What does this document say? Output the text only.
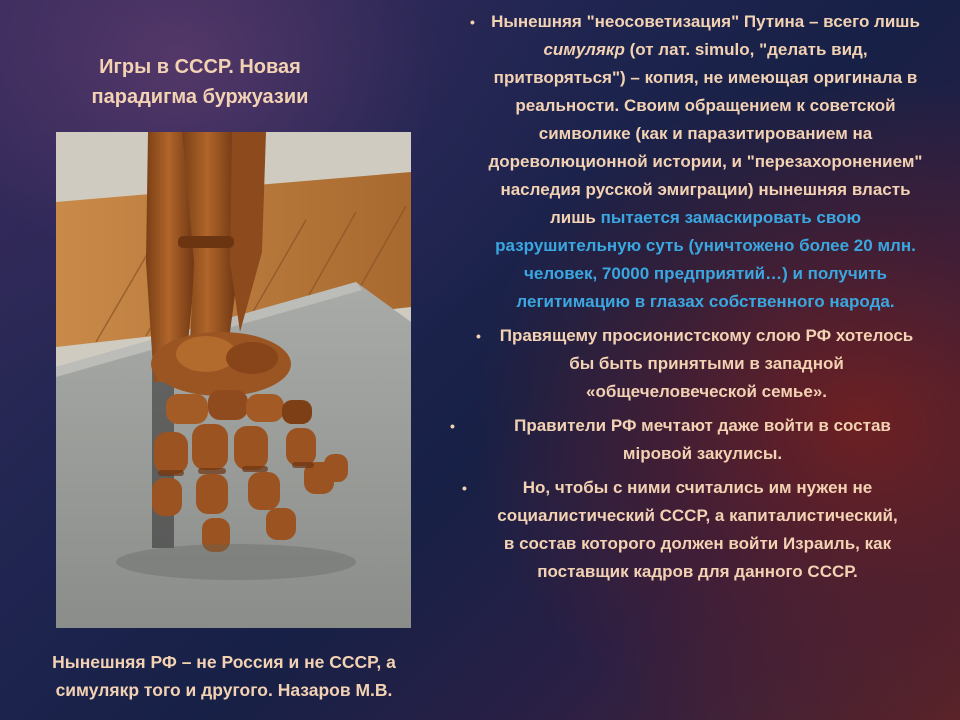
Игры в СССР. Новая
парадигма буржуазии

Нынешняя РФ – не Россия и не СССР, а
симулякр того и другого. Назаров М.В.

• Нынешняя "неосоветизация" Путина – всего лишь симулякр (от лат. simulo, "делать вид, притворяться") – копия, не имеющая оригинала в реальности. Своим обращением к советской символике (как и паразитированием на дореволюционной истории, и "перезахоронением" наследия русской эмиграции) нынешняя власть лишь пытается замаскировать свою разрушительную суть (уничтожено более 20 млн. человек, 70000 предприятий…) и получить легитимацию в глазах собственного народа.
• Правящему просионистскому слою РФ хотелось бы быть принятыми в западной «общечеловеческой семье».
•	Правители РФ мечтают даже войти в состав мiровой закулисы.
•	Но, чтобы с ними считались им нужен не социалистический СССР, а капиталистический, в состав которого должен войти Израиль, как поставщик кадров для данного СССР.
